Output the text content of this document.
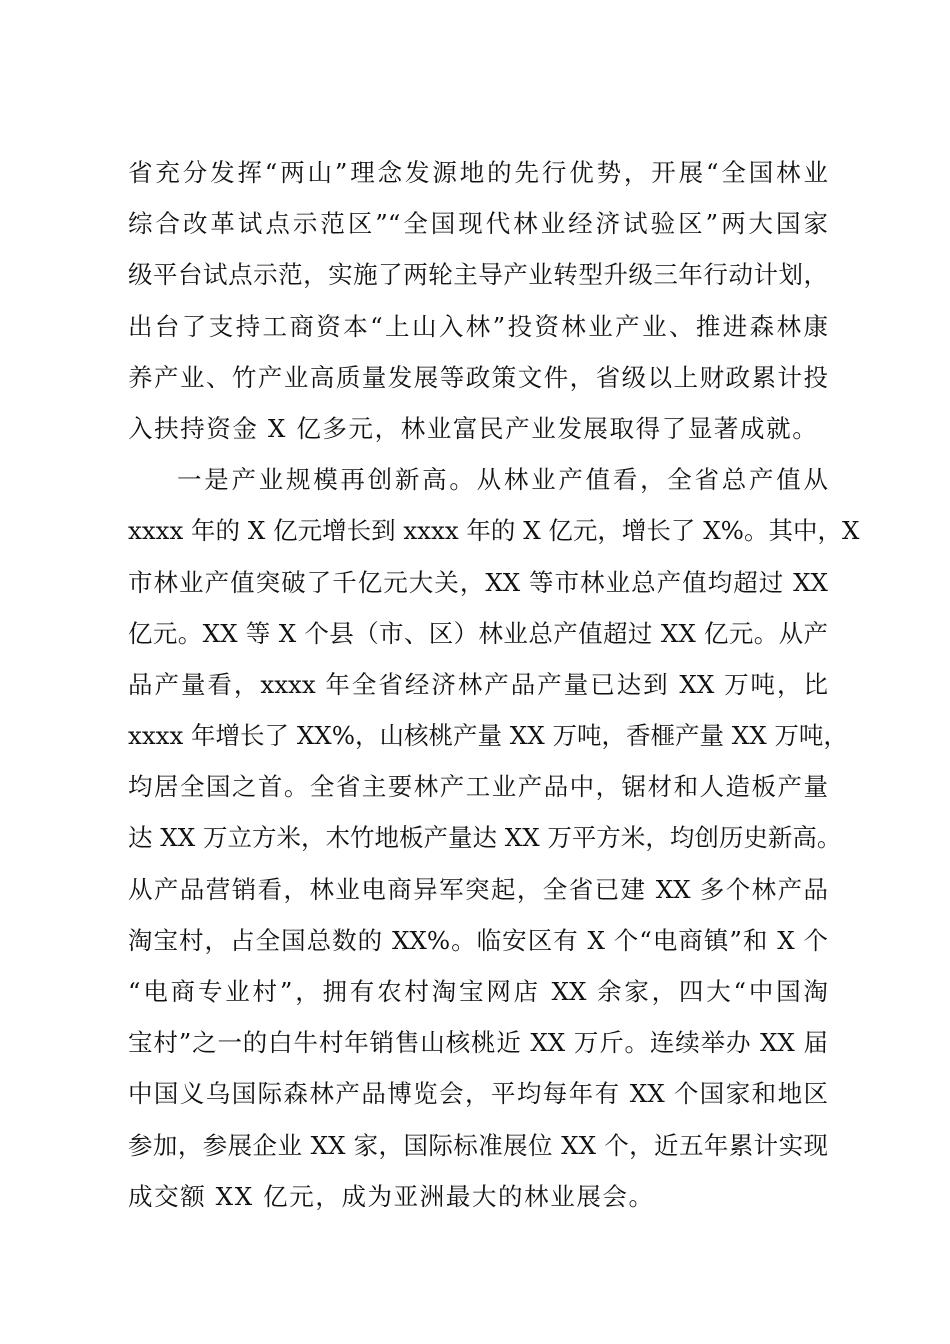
省充分发挥“两山”理念发源地的先行优势，开展“全国林业
综合改革试点示范区”“全国现代林业经济试验区”两大国家
级平台试点示范，实施了两轮主导产业转型升级三年行动计划，
出台了支持工商资本“上山入林”投资林业产业、推进森林康
养产业、竹产业高质量发展等政策文件，省级以上财政累计投
入扶持资金 X 亿多元，林业富民产业发展取得了显著成就。
一是产业规模再创新高。从林业产值看，全省总产值从
xxxx 年的 X 亿元增长到 xxxx 年的 X 亿元，增长了 X%。其中，X
市林业产值突破了千亿元大关，XX 等市林业总产值均超过 XX
亿元。XX 等 X 个县（市、区）林业总产值超过 XX 亿元。从产
品产量看，xxxx 年全省经济林产品产量已达到 XX 万吨，比
xxxx 年增长了 XX%，山核桃产量 XX 万吨，香榧产量 XX 万吨，
均居全国之首。全省主要林产工业产品中，锯材和人造板产量
达 XX 万立方米，木竹地板产量达 XX 万平方米，均创历史新高。
从产品营销看，林业电商异军突起，全省已建 XX 多个林产品
淘宝村，占全国总数的 XX%。临安区有 X 个“电商镇”和 X 个
“电商专业村”，拥有农村淘宝网店 XX 余家，四大“中国淘
宝村”之一的白牛村年销售山核桃近 XX 万斤。连续举办 XX 届
中国义乌国际森林产品博览会，平均每年有 XX 个国家和地区
参加，参展企业 XX 家，国际标准展位 XX 个，近五年累计实现
成交额 XX 亿元，成为亚洲最大的林业展会。
